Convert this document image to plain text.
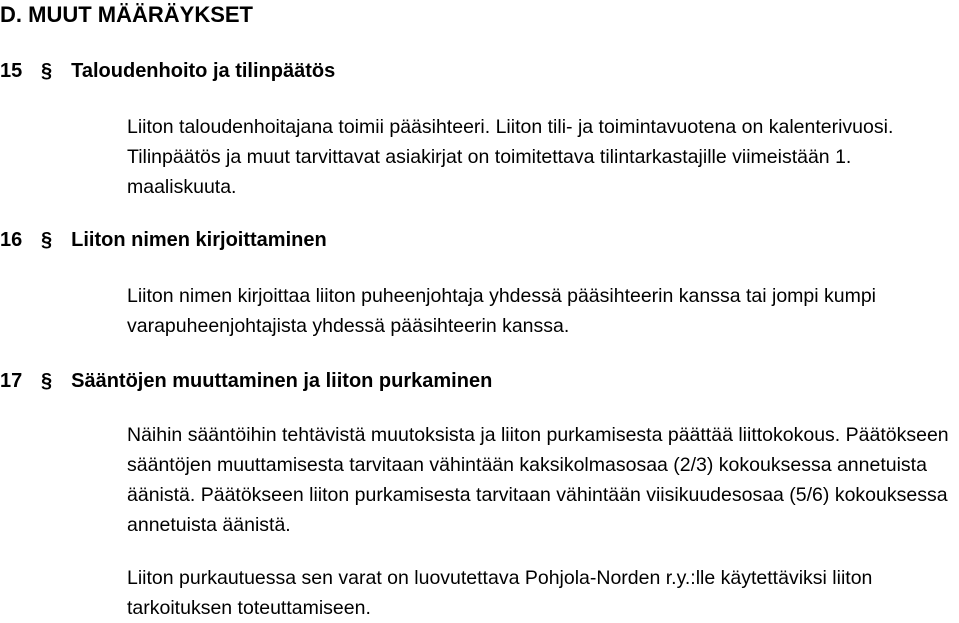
D. MUUT MÄÄRÄYKSET
15 § Taloudenhoito ja tilinpäätös

Liiton taloudenhoitajana toimii pääsihteeri. Liiton tili- ja toimintavuotena on kalenterivuosi. Tilinpäätös ja muut tarvittavat asiakirjat on toimitettava tilintarkastajille viimeistään 1. maaliskuuta.

16 § Liiton nimen kirjoittaminen

Liiton nimen kirjoittaa liiton puheenjohtaja yhdessä pääsihteerin kanssa tai jompi kumpi varapuheenjohtajista yhdessä pääsihteerin kanssa.

17 § Sääntöjen muuttaminen ja liiton purkaminen

Näihin sääntöihin tehtävistä muutoksista ja liiton purkamisesta päättää liittokokous. Päätökseen sääntöjen muuttamisesta tarvitaan vähintään kaksikolmasosaa (2/3) kokouksessa annetuista äänistä. Päätökseen liiton purkamisesta tarvitaan vähintään viisikuudesosaa (5/6) kokouksessa annetuista äänistä.

Liiton purkautuessa sen varat on luovutettava Pohjola-Norden r.y.:lle käytettäviksi liiton tarkoituksen toteuttamiseen.
